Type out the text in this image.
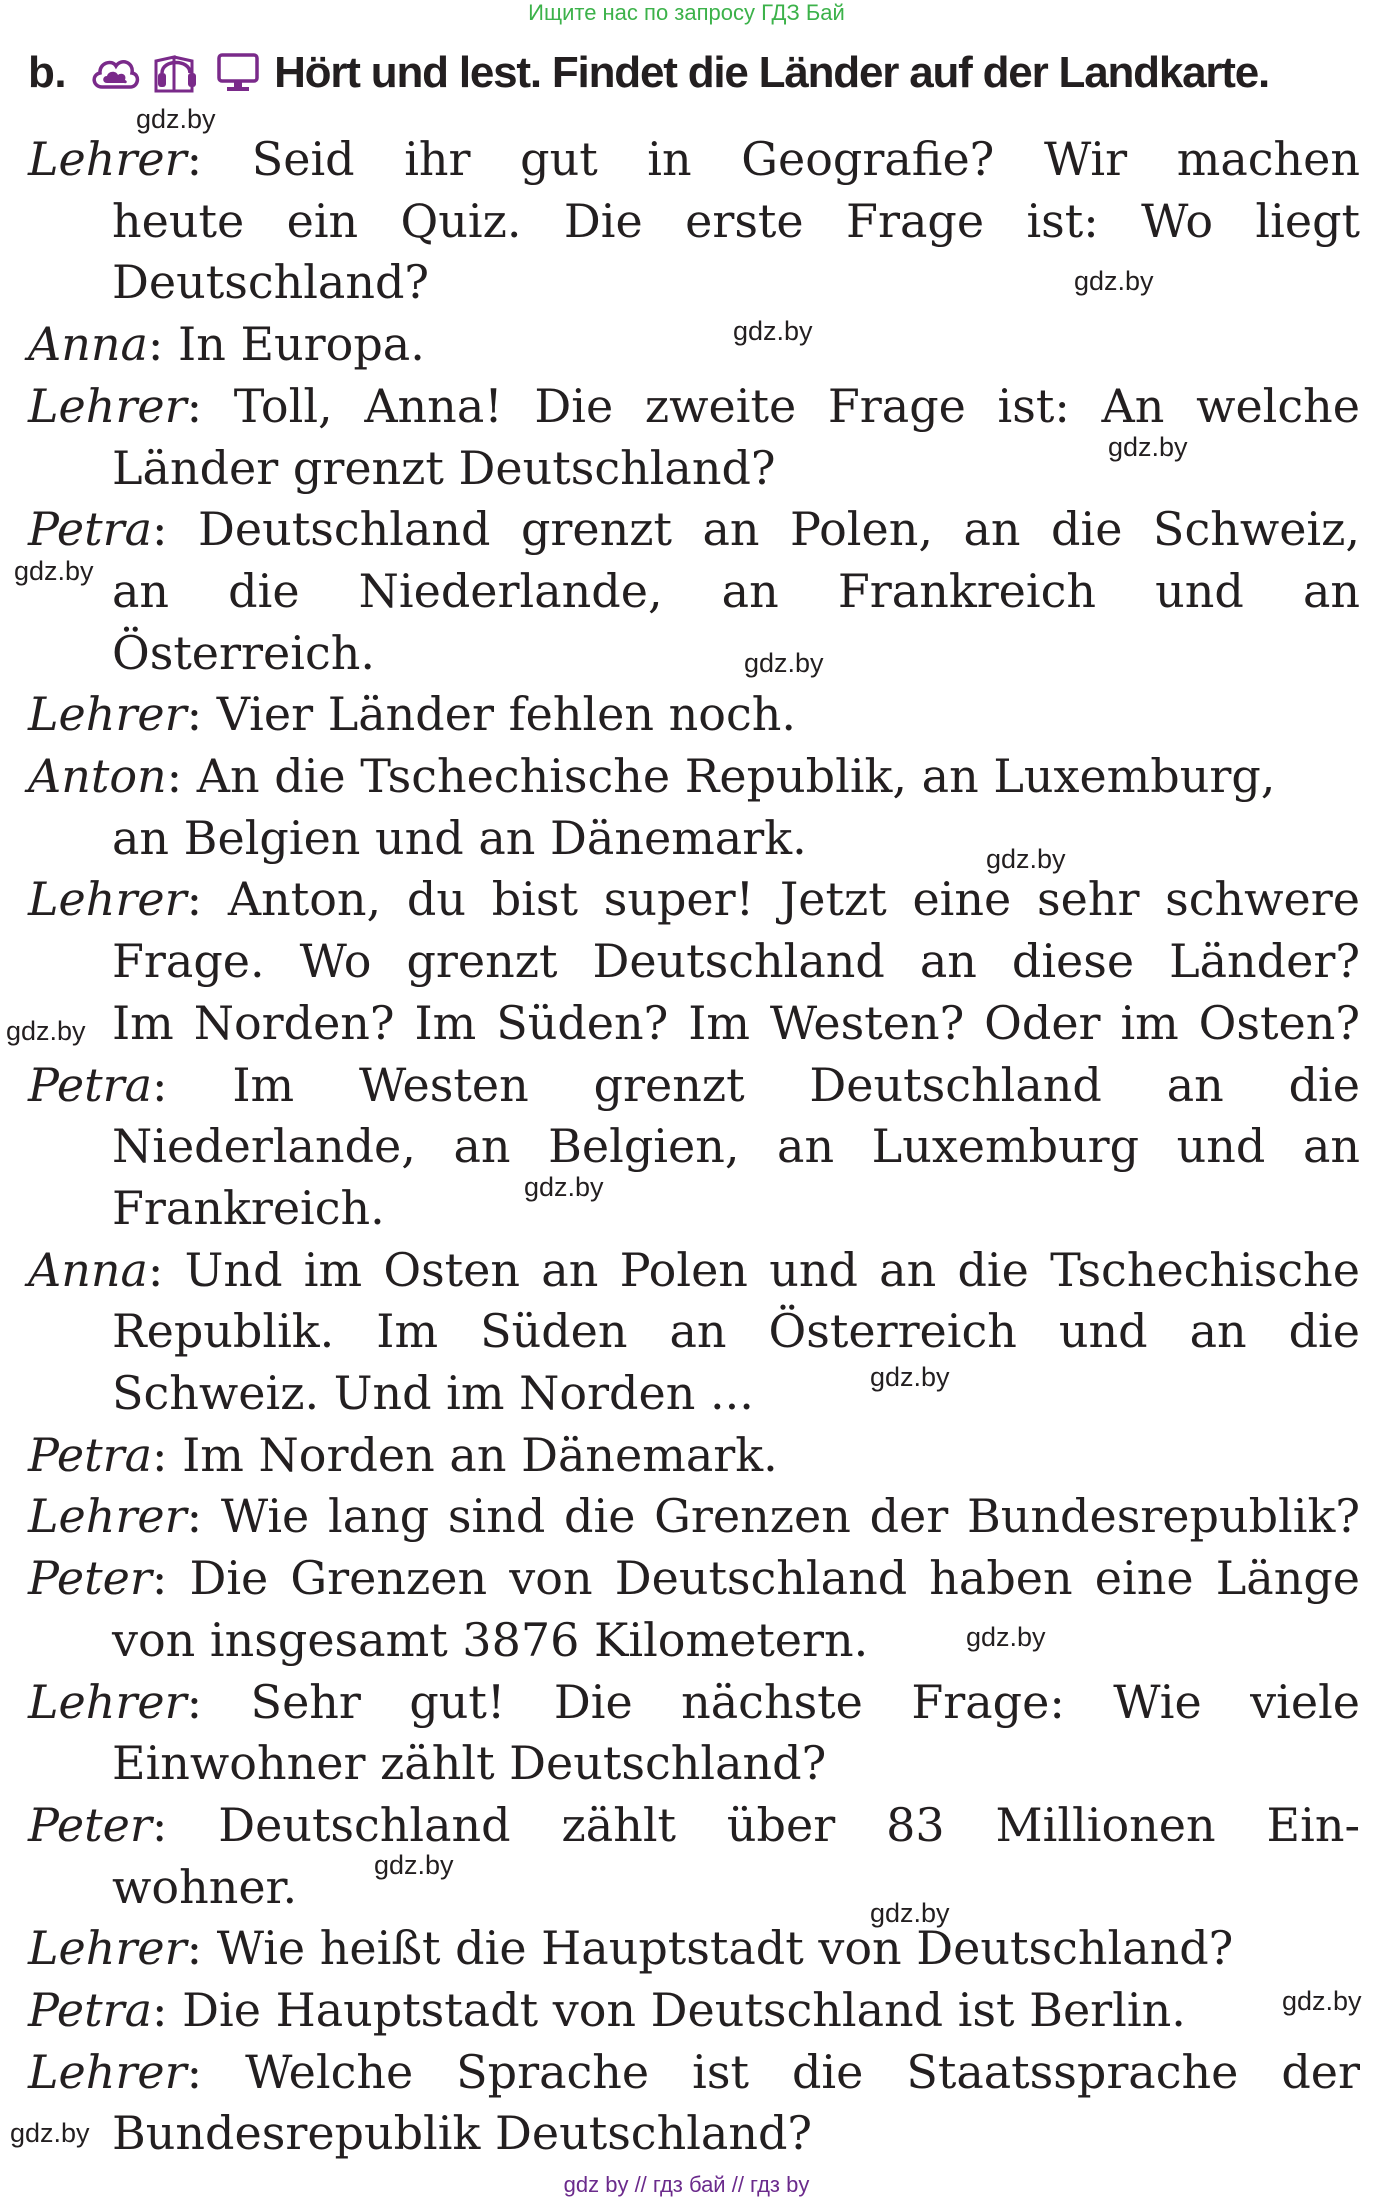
Ищите нас по запросу ГДЗ Бай
b.	Hört und lest. Findet die Länder auf der Landkarte.
Lehrer: Seid ihr gut in Geografie? Wir machen
heute ein Quiz. Die erste Frage ist: Wo liegt
Deutschland?
Anna: In Europa.
Lehrer: Toll, Anna! Die zweite Frage ist: An welche
Länder grenzt Deutschland?
Petra: Deutschland grenzt an Polen, an die Schweiz,
an die Niederlande, an Frankreich und an
Österreich.
Lehrer: Vier Länder fehlen noch.
Anton: An die Tschechische Republik, an Luxemburg,
an Belgien und an Dänemark.
Lehrer: Anton, du bist super! Jetzt eine sehr schwere
Frage. Wo grenzt Deutschland an diese Länder?
Im Norden? Im Süden? Im Westen? Oder im Osten?
Petra: Im Westen grenzt Deutschland an die
Niederlande, an Belgien, an Luxemburg und an
Frankreich.
Anna: Und im Osten an Polen und an die Tschechische
Republik. Im Süden an Österreich und an die
Schweiz. Und im Norden ...
Petra: Im Norden an Dänemark.
Lehrer: Wie lang sind die Grenzen der Bundesrepublik?
Peter: Die Grenzen von Deutschland haben eine Länge
von insgesamt 3876 Kilometern.
Lehrer: Sehr gut! Die nächste Frage: Wie viele
Einwohner zählt Deutschland?
Peter: Deutschland zählt über 83 Millionen Ein-
wohner.
Lehrer: Wie heißt die Hauptstadt von Deutschland?
Petra: Die Hauptstadt von Deutschland ist Berlin.
Lehrer: Welche Sprache ist die Staatssprache der
Bundesrepublik Deutschland?
gdz.by
gdz.by
gdz.by
gdz.by
gdz.by
gdz.by
gdz.by
gdz.by
gdz.by
gdz.by
gdz.by
gdz.by
gdz.by
gdz.by
gdz.by
gdz by // гдз бай // гдз by
